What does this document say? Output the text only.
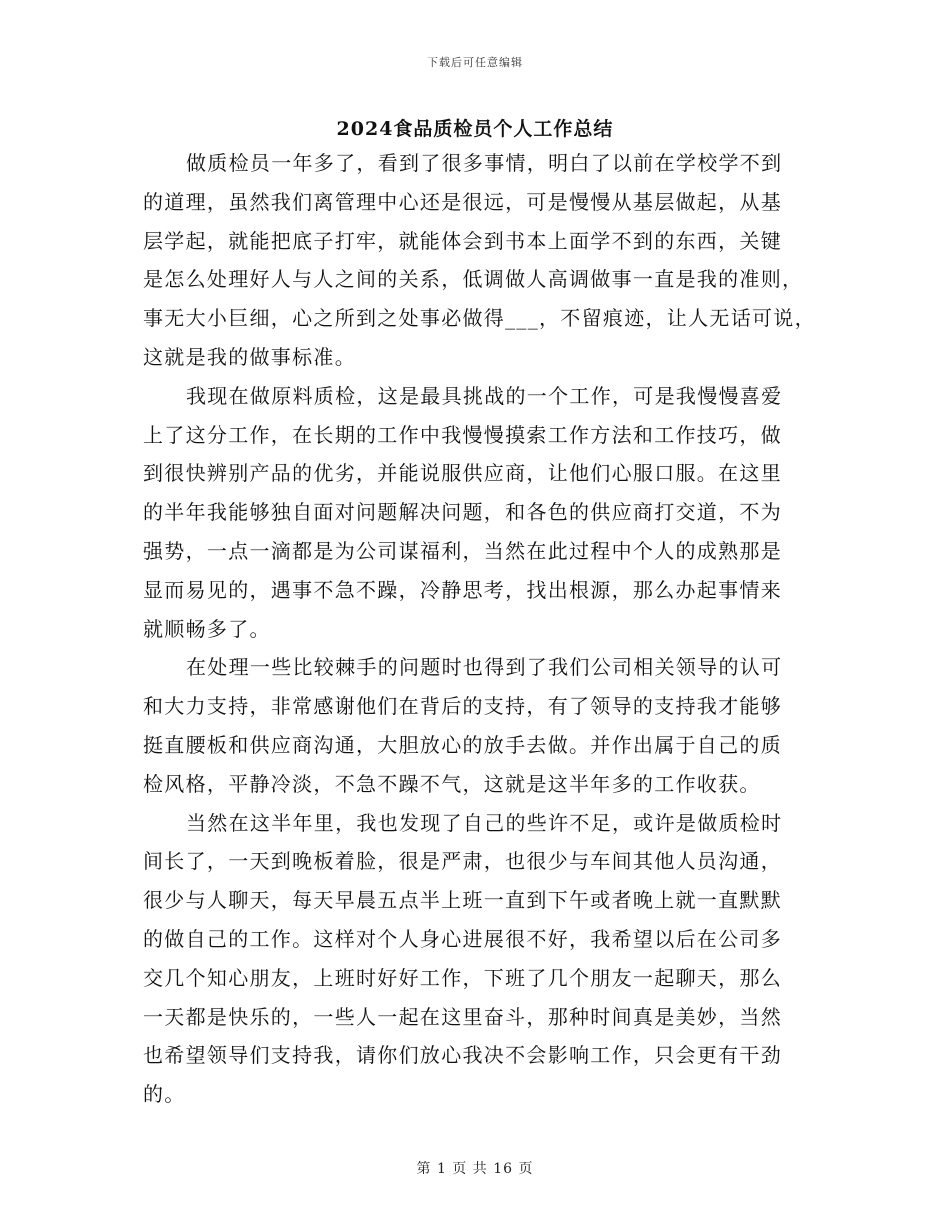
下载后可任意编辑
2024食品质检员个人工作总结
做质检员一年多了，看到了很多事情，明白了以前在学校学不到
的道理，虽然我们离管理中心还是很远，可是慢慢从基层做起，从基
层学起，就能把底子打牢，就能体会到书本上面学不到的东西，关键
是怎么处理好人与人之间的关系，低调做人高调做事一直是我的准则，
事无大小巨细，心之所到之处事必做得___，不留痕迹，让人无话可说，
这就是我的做事标准。
我现在做原料质检，这是最具挑战的一个工作，可是我慢慢喜爱
上了这分工作，在长期的工作中我慢慢摸索工作方法和工作技巧，做
到很快辨别产品的优劣，并能说服供应商，让他们心服口服。在这里
的半年我能够独自面对问题解决问题，和各色的供应商打交道，不为
强势，一点一滴都是为公司谋福利，当然在此过程中个人的成熟那是
显而易见的，遇事不急不躁，冷静思考，找出根源，那么办起事情来
就顺畅多了。
在处理一些比较棘手的问题时也得到了我们公司相关领导的认可
和大力支持，非常感谢他们在背后的支持，有了领导的支持我才能够
挺直腰板和供应商沟通，大胆放心的放手去做。并作出属于自己的质
检风格，平静冷淡，不急不躁不气，这就是这半年多的工作收获。
当然在这半年里，我也发现了自己的些许不足，或许是做质检时
间长了，一天到晚板着脸，很是严肃，也很少与车间其他人员沟通，
很少与人聊天，每天早晨五点半上班一直到下午或者晚上就一直默默
的做自己的工作。这样对个人身心进展很不好，我希望以后在公司多
交几个知心朋友，上班时好好工作，下班了几个朋友一起聊天，那么
一天都是快乐的，一些人一起在这里奋斗，那种时间真是美妙，当然
也希望领导们支持我，请你们放心我决不会影响工作，只会更有干劲
的。
第 1 页 共 16 页
